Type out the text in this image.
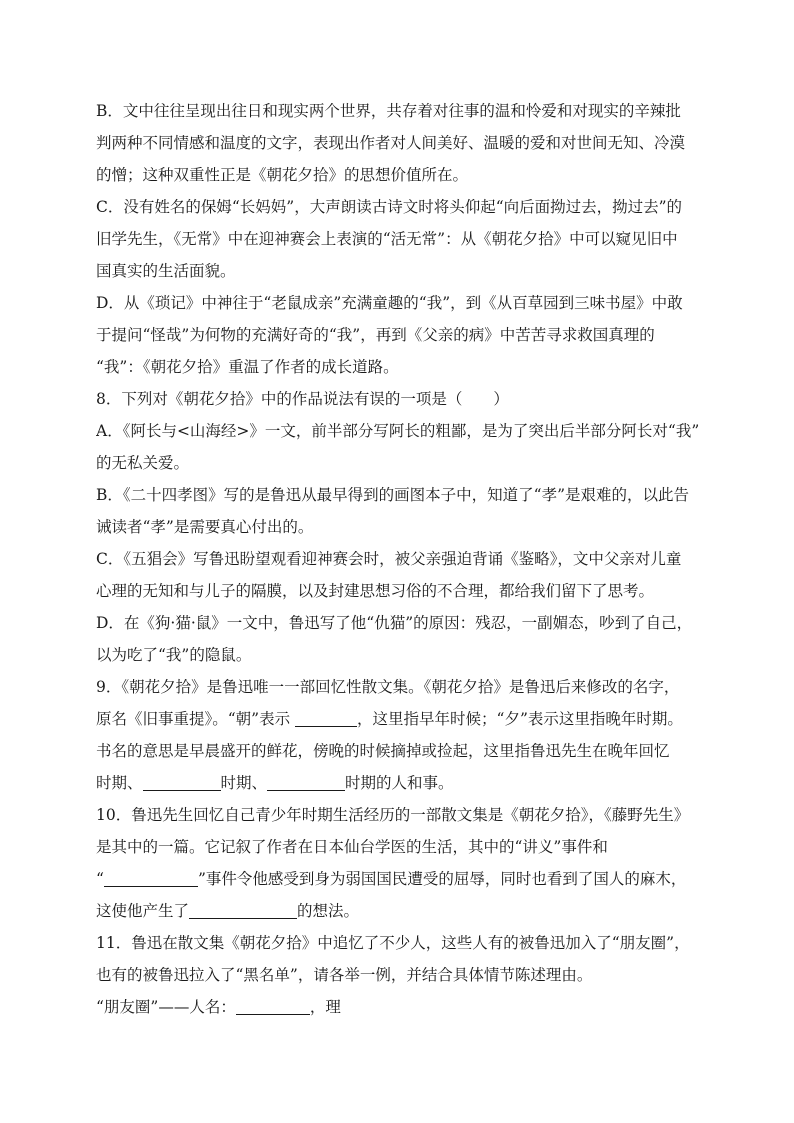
B．文中往往呈现出往日和现实两个世界，共存着对往事的温和怜爱和对现实的辛辣批
判两种不同情感和温度的文字，表现出作者对人间美好、温暖的爱和对世间无知、冷漠
的憎；这种双重性正是《朝花夕拾》的思想价值所在。
C．没有姓名的保姆“长妈妈”，大声朗读古诗文时将头仰起“向后面拗过去，拗过去”的
旧学先生，《无常》中在迎神赛会上表演的“活无常”：从《朝花夕拾》中可以窥见旧中
国真实的生活面貌。
D．从《琐记》中神往于“老鼠成亲”充满童趣的“我”，到《从百草园到三味书屋》中敢
于提问“怪哉”为何物的充满好奇的“我”，再到《父亲的病》中苦苦寻求救国真理的
“我”：《朝花夕拾》重温了作者的成长道路。
8．下列对《朝花夕拾》中的作品说法有误的一项是（　　）
A．《阿长与<山海经>》一文，前半部分写阿长的粗鄙，是为了突出后半部分阿长对“我”
的无私关爱。
B．《二十四孝图》写的是鲁迅从最早得到的画图本子中，知道了“孝”是艰难的，以此告
诫读者“孝”是需要真心付出的。
C．《五猖会》写鲁迅盼望观看迎神赛会时，被父亲强迫背诵《鉴略》，文中父亲对儿童
心理的无知和与儿子的隔膜，以及封建思想习俗的不合理，都给我们留下了思考。
D．在《狗·猫·鼠》一文中，鲁迅写了他“仇猫”的原因：残忍，一副媚态，吵到了自己，
以为吃了“我”的隐鼠。
9．《朝花夕拾》是鲁迅唯一一部回忆性散文集。《朝花夕拾》是鲁迅后来修改的名字，
原名《旧事重提》。“朝”表示	，这里指早年时候；“夕”表示这里指晚年时期。
书名的意思是早晨盛开的鲜花，傍晚的时候摘掉或捡起，这里指鲁迅先生在晚年回忆
时期、	时期、	时期的人和事。
10．鲁迅先生回忆自己青少年时期生活经历的一部散文集是《朝花夕拾》，《藤野先生》
是其中的一篇。它记叙了作者在日本仙台学医的生活，其中的“讲义”事件和
“	”事件令他感受到身为弱国国民遭受的屈辱，同时也看到了国人的麻木，
这使他产生了	的想法。
11．鲁迅在散文集《朝花夕拾》中追忆了不少人，这些人有的被鲁迅加入了“朋友圈”，
也有的被鲁迅拉入了“黑名单”，请各举一例，并结合具体情节陈述理由。
“朋友圈”——人名：	，理
